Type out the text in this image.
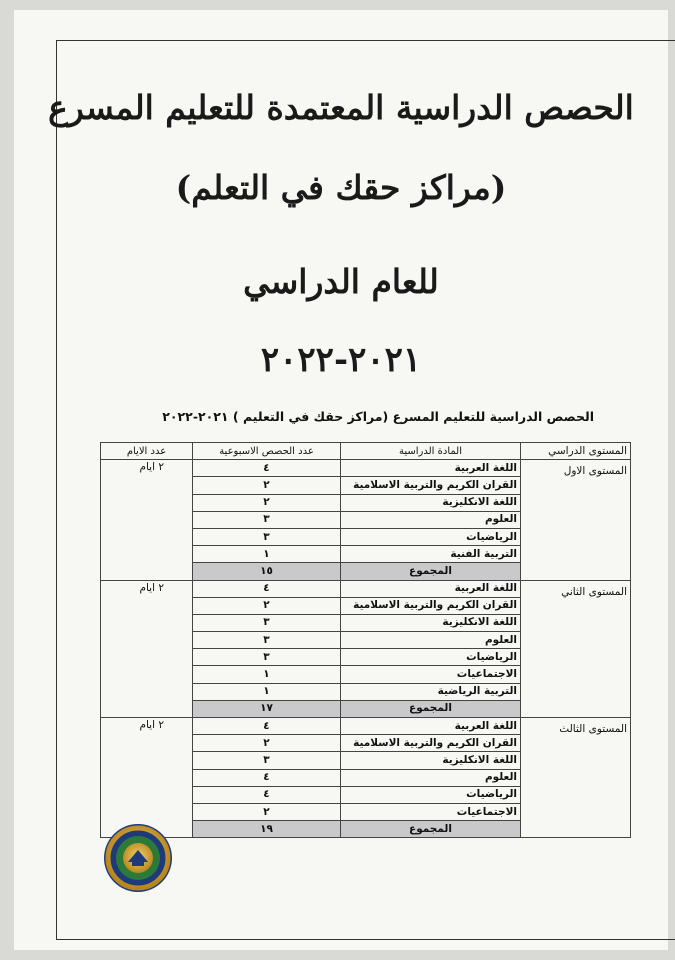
الحصص الدراسية المعتمدة للتعليم المسرع
(مراكز حقك في التعلم)
للعام الدراسي
٢٠٢١-٢٠٢٢
الحصص الدراسية للتعليم المسرع (مراكز حقك في التعليم ) ٢٠٢١-٢٠٢٢
المستوى الدراسي	المادة الدراسية	عدد الحصص الاسبوعية	عدد الايام
المستوى الاول	اللغة العربية	٤	٢ ايام
	القران الكريم والتربية الاسلامية	٢	
	اللغة الانكليزية	٢	
	العلوم	٣	
	الرياضيات	٣	
	التربية الفنية	١	
	المجموع	١٥	
المستوى الثاني	اللغة العربية	٤	٢ ايام
	القران الكريم والتربية الاسلامية	٢	
	اللغة الانكليزية	٣	
	العلوم	٣	
	الرياضيات	٣	
	الاجتماعيات	١	
	التربية الرياضية	١	
	المجموع	١٧	
المستوى الثالث	اللغة العربية	٤	٢ ايام
	القران الكريم والتربية الاسلامية	٢	
	اللغة الانكليزية	٣	
	العلوم	٤	
	الرياضيات	٤	
	الاجتماعيات	٢	
	المجموع	١٩	
